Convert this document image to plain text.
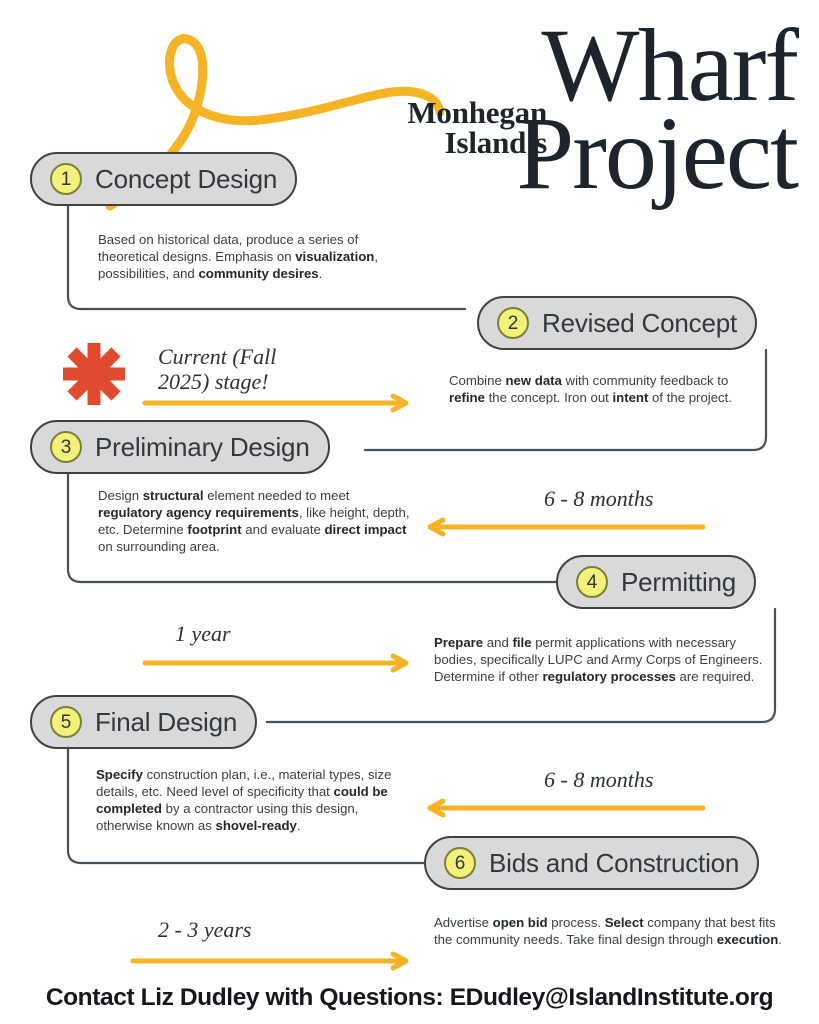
Monhegan
Island’s
Wharf
Project
1 Concept Design
Based on historical data, produce a series of theoretical designs. Emphasis on visualization, possibilities, and community desires.
2 Revised Concept
Combine new data with community feedback to refine the concept. Iron out intent of the project.
Current (Fall
2025) stage!
3 Preliminary Design
Design structural element needed to meet regulatory agency requirements, like height, depth, etc. Determine footprint and evaluate direct impact on surrounding area.
6 - 8 months
4 Permitting
Prepare and file permit applications with necessary bodies, specifically LUPC and Army Corps of Engineers. Determine if other regulatory processes are required.
1 year
5 Final Design
Specify construction plan, i.e., material types, size details, etc. Need level of specificity that could be completed by a contractor using this design, otherwise known as shovel-ready.
6 - 8 months
6 Bids and Construction
Advertise open bid process. Select company that best fits the community needs. Take final design through execution.
2 - 3 years
Contact Liz Dudley with Questions: EDudley@IslandInstitute.org
